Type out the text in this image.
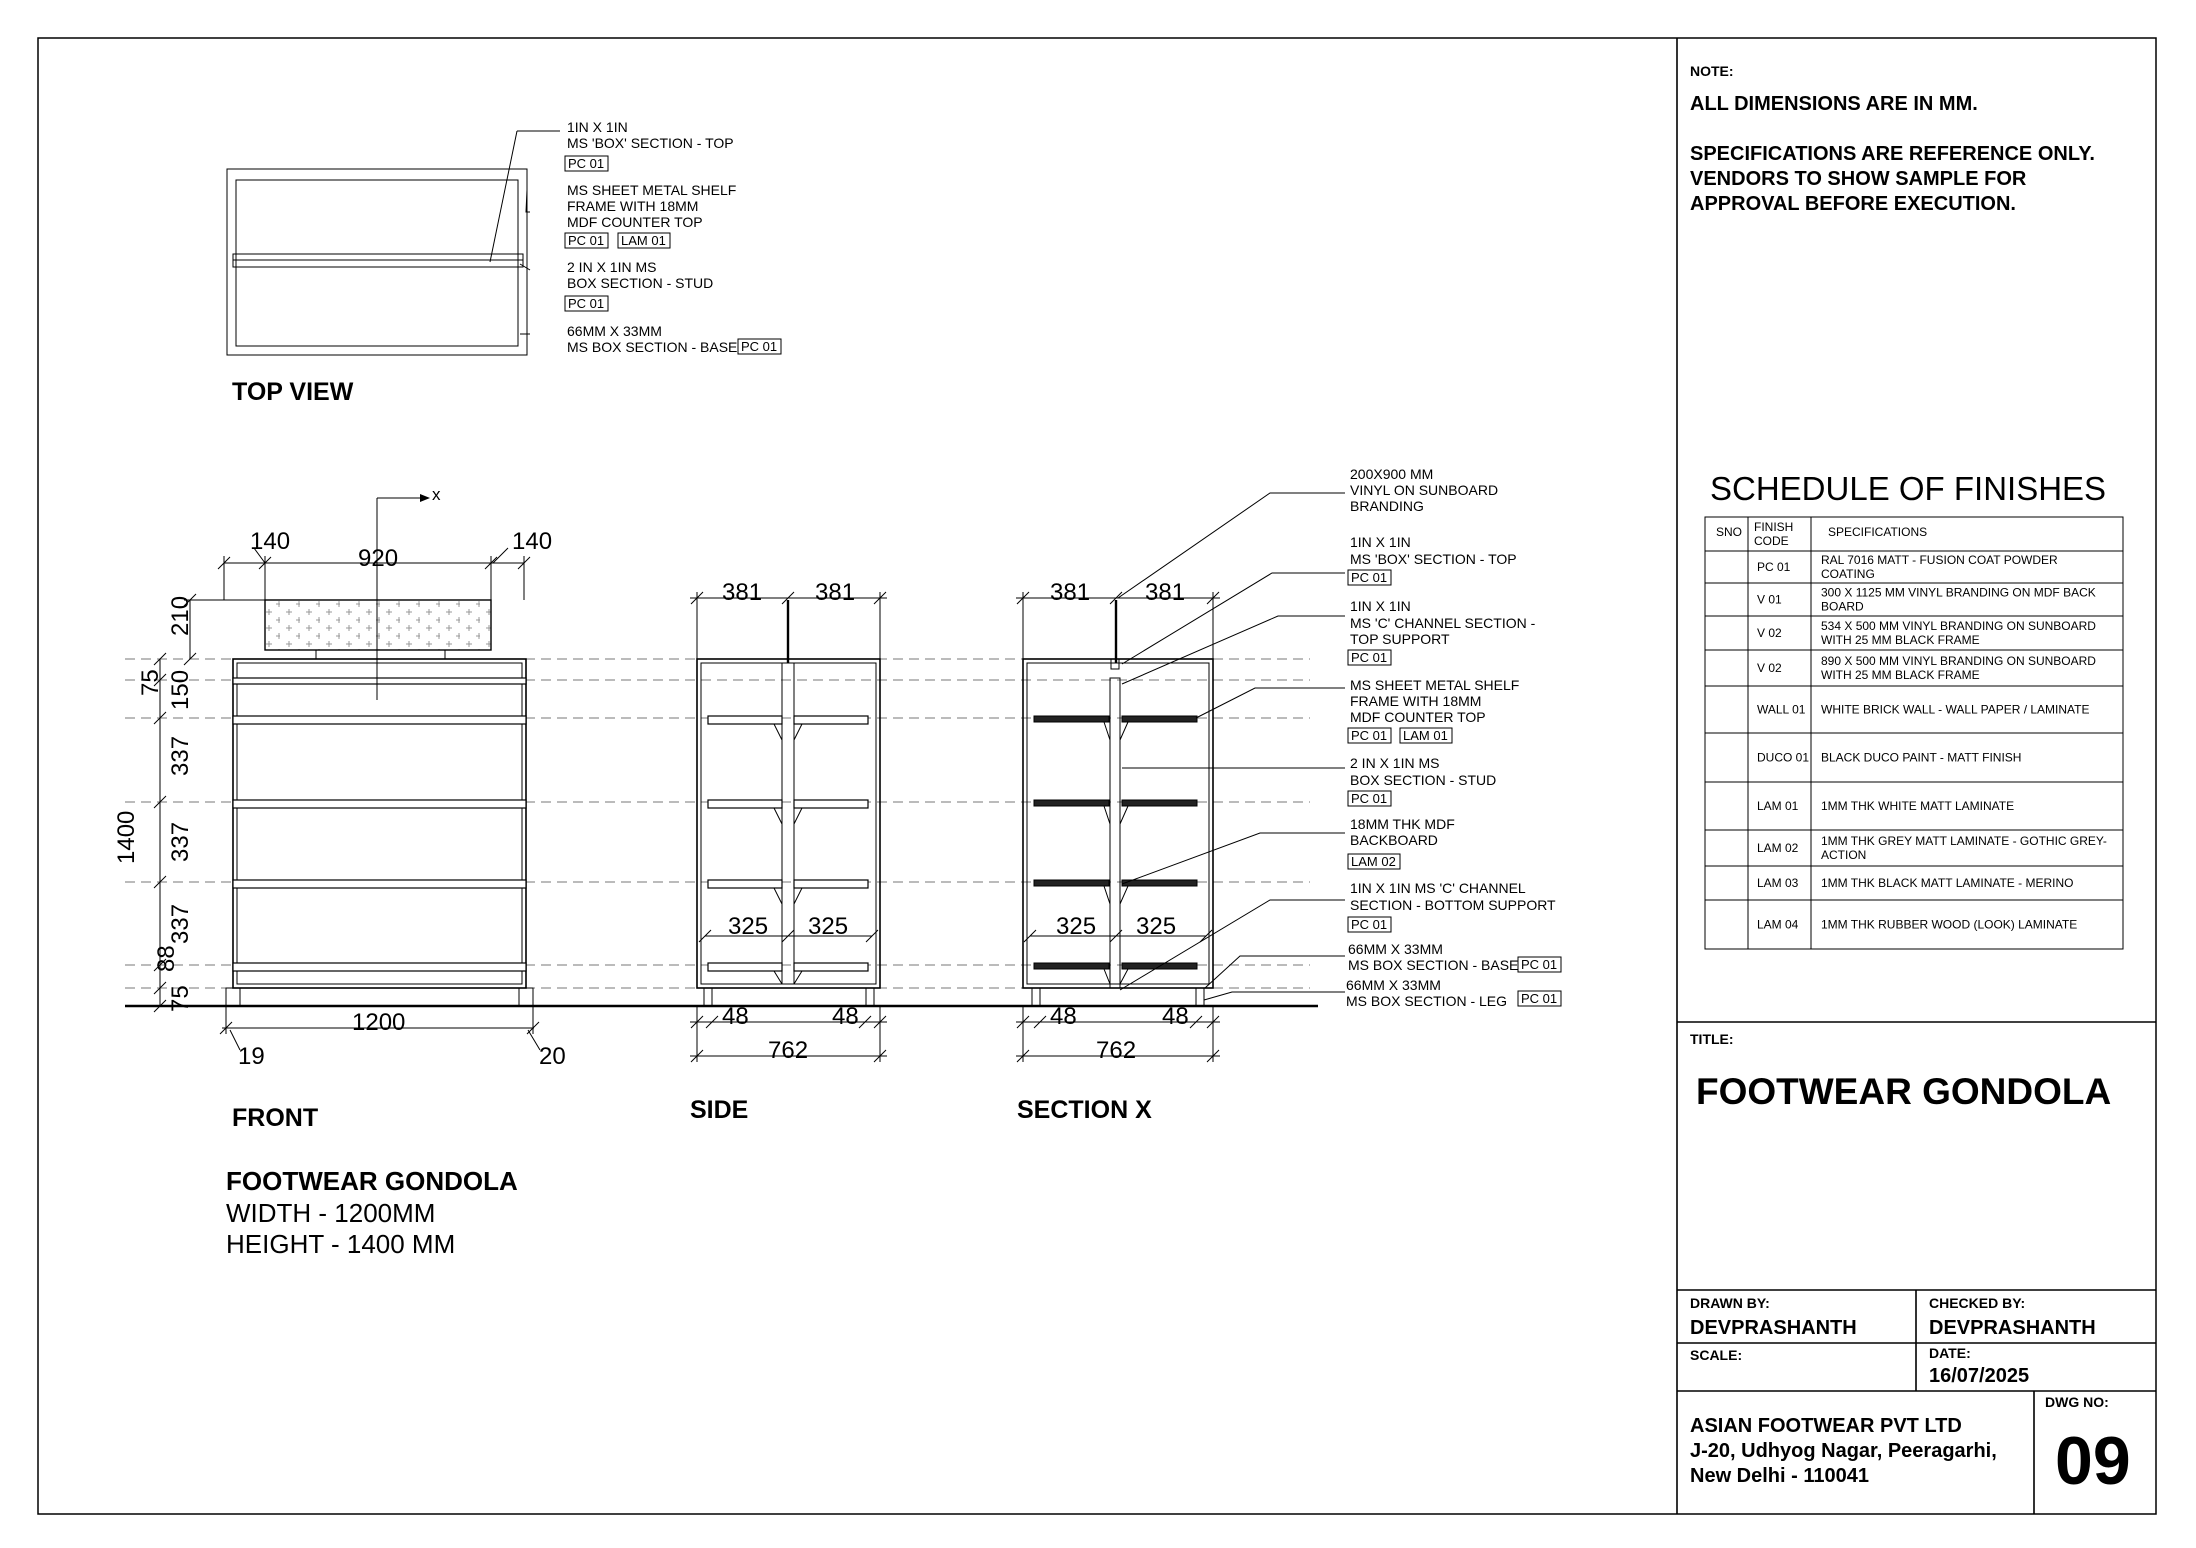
NOTE:
ALL DIMENSIONS ARE IN MM.
SPECIFICATIONS ARE REFERENCE ONLY.
VENDORS TO SHOW SAMPLE FOR
APPROVAL BEFORE EXECUTION.
SCHEDULE OF FINISHES
SNO FINISH
CODE
SPECIFICATIONS
PC 01	RAL 7016 MATT - FUSION COAT POWDER
COATING
V 01	300 X 1125 MM VINYL BRANDING ON MDF BACK
BOARD
V 02	534 X 500 MM VINYL BRANDING ON SUNBOARD
WITH 25 MM BLACK FRAME
V 02	890 X 500 MM VINYL BRANDING ON SUNBOARD
WITH 25 MM BLACK FRAME
WALL 01 WHITE BRICK WALL - WALL PAPER / LAMINATE
DUCO 01 BLACK DUCO PAINT - MATT FINISH
LAM 01 1MM THK WHITE MATT LAMINATE
LAM 02 1MM THK GREY MATT LAMINATE - GOTHIC GREY-
ACTION
LAM 03 1MM THK BLACK MATT LAMINATE - MERINO
LAM 04 1MM THK RUBBER WOOD (LOOK) LAMINATE
TITLE:
FOOTWEAR GONDOLA
DRAWN BY:
DEVPRASHANTH
CHECKED BY:
DEVPRASHANTH
SCALE:	DATE:
16/07/2025
ASIAN FOOTWEAR PVT LTD
J-20, Udhyog Nagar, Peeragarhi,
New Delhi - 110041
DWG NO:
09
1IN X 1IN
MS 'BOX' SECTION - TOP
PC 01
MS SHEET METAL SHELF
FRAME WITH 18MM
MDF COUNTER TOP
PC 01 LAM 01
2 IN X 1IN MS
BOX SECTION - STUD
PC 01
66MM X 33MM
MS BOX SECTION - BASE PC 01
TOP VIEW
x
140
920
140
210
75 150
337
337
337
88
75
1400
1200
19	20
FRONT
381 381
325 325
48	48
762
SIDE
381 381
325 325
48	48
762
SECTION X
200X900 MM
VINYL ON SUNBOARD
BRANDING
1IN X 1IN
MS 'BOX' SECTION - TOP
PC 01
1IN X 1IN
MS 'C' CHANNEL SECTION -
TOP SUPPORT
PC 01
MS SHEET METAL SHELF
FRAME WITH 18MM
MDF COUNTER TOP
PC 01 LAM 01
2 IN X 1IN MS
BOX SECTION - STUD
PC 01
18MM THK MDF
BACKBOARD
LAM 02
1IN X 1IN MS 'C' CHANNEL
SECTION - BOTTOM SUPPORT
PC 01
66MM X 33MM
MS BOX SECTION - BASE PC 01
66MM X 33MM
MS BOX SECTION - LEG PC 01
FOOTWEAR GONDOLA
WIDTH - 1200MM
HEIGHT - 1400 MM
